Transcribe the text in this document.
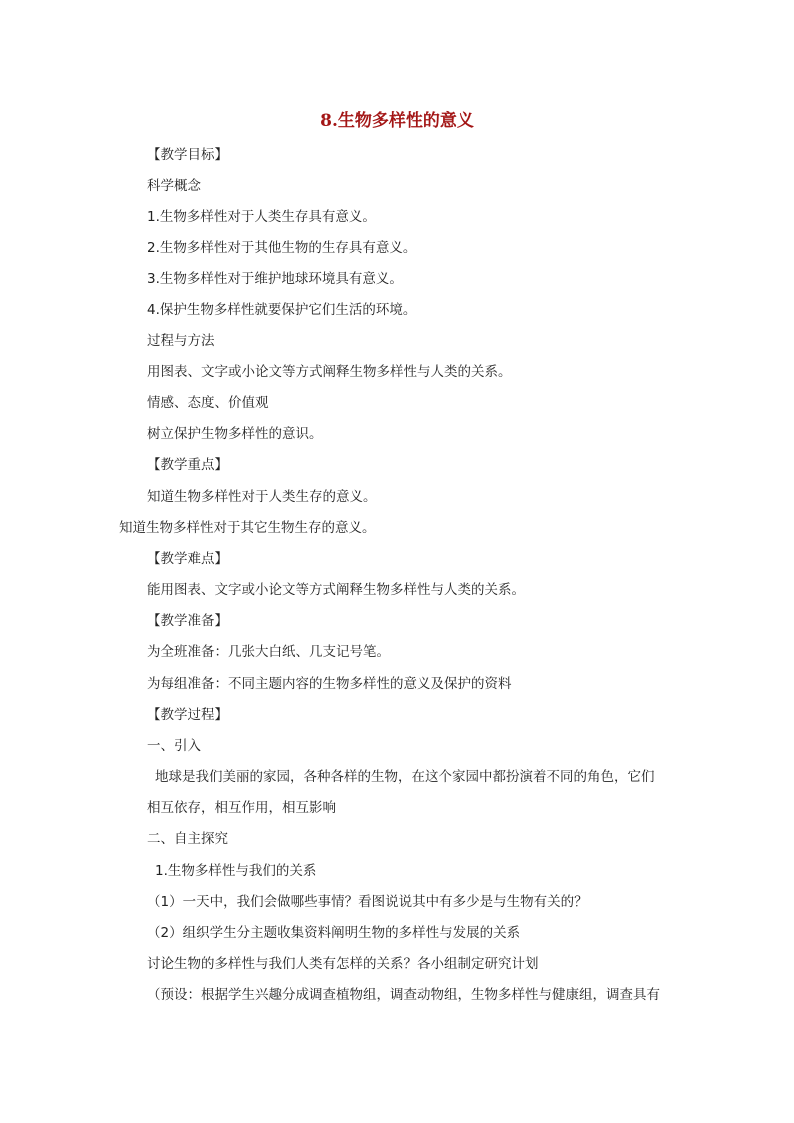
8.生物多样性的意义
【教学目标】
科学概念
1.生物多样性对于人类生存具有意义。
2.生物多样性对于其他生物的生存具有意义。
3.生物多样性对于维护地球环境具有意义。
4.保护生物多样性就要保护它们生活的环境。
过程与方法
用图表、文字或小论文等方式阐释生物多样性与人类的关系。
情感、态度、价值观
树立保护生物多样性的意识。
【教学重点】
知道生物多样性对于人类生存的意义。
知道生物多样性对于其它生物生存的意义。
【教学难点】
能用图表、文字或小论文等方式阐释生物多样性与人类的关系。
【教学准备】
为全班准备：几张大白纸、几支记号笔。
为每组准备：不同主题内容的生物多样性的意义及保护的资料
【教学过程】
一、引入
地球是我们美丽的家园，各种各样的生物，在这个家园中都扮演着不同的角色，它们
相互依存，相互作用，相互影响
二、自主探究
1.生物多样性与我们的关系
（1）一天中，我们会做哪些事情？看图说说其中有多少是与生物有关的？
（2）组织学生分主题收集资料阐明生物的多样性与发展的关系
讨论生物的多样性与我们人类有怎样的关系？各小组制定研究计划
（预设：根据学生兴趣分成调查植物组，调查动物组，生物多样性与健康组，调查具有
